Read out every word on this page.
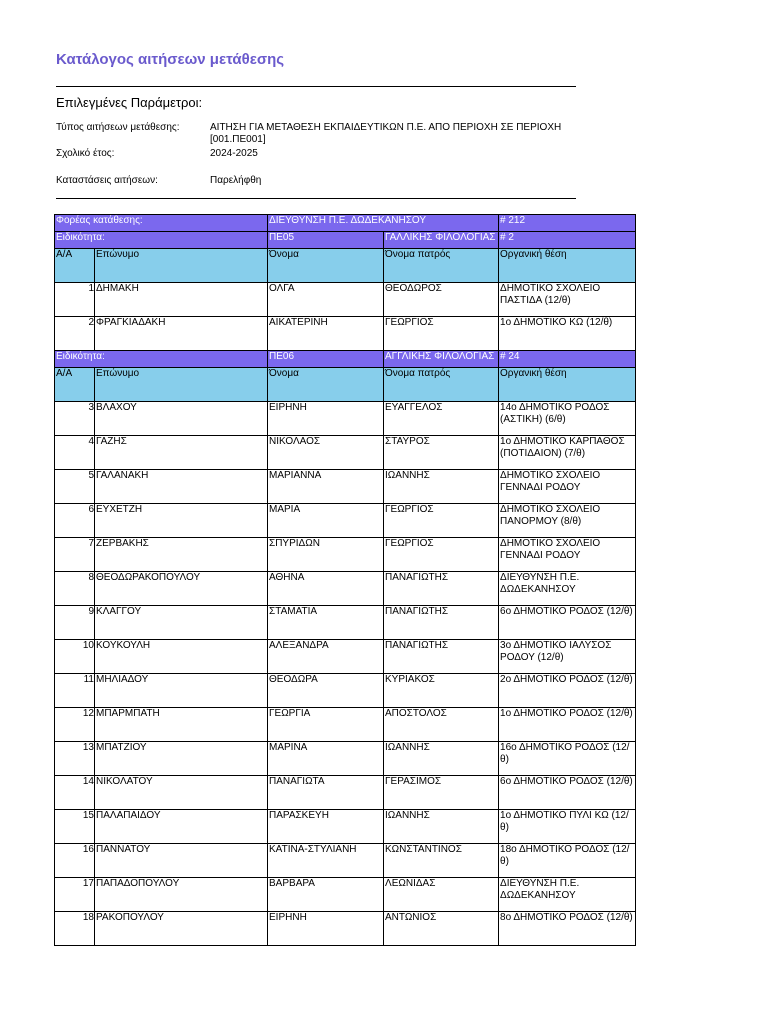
Κατάλογος αιτήσεων μετάθεσης
Επιλεγμένες Παράμετροι:
Τύπος αιτήσεων μετάθεσης:	ΑΙΤΗΣΗ ΓΙΑ ΜΕΤΑΘΕΣΗ ΕΚΠΑΙΔΕΥΤΙΚΩΝ Π.Ε. ΑΠΟ ΠΕΡΙΟΧΗ ΣΕ ΠΕΡΙΟΧΗ [001.ΠΕ001]
Σχολικό έτος:	2024-2025
Καταστάσεις αιτήσεων:	Παρελήφθη
Φορέας κατάθεσης:		ΔΙΕΥΘΥΝΣΗ Π.Ε. ΔΩΔΕΚΑΝΗΣΟΥ		# 212

Ειδικότητα:		ΠΕ05	ΓΑΛΛΙΚΗΣ ΦΙΛΟΛΟΓΙΑΣ	# 2

Α/Α	Επώνυμο	Όνομα	Όνομα πατρός	Οργανική θέση
1	ΔΗΜΑΚΗ	ΟΛΓΑ	ΘΕΟΔΩΡΟΣ	ΔΗΜΟΤΙΚΟ ΣΧΟΛΕΙΟ ΠΑΣΤΙΔΑ (12/θ)
2	ΦΡΑΓΚΙΑΔΑΚΗ	ΑΙΚΑΤΕΡΙΝΗ	ΓΕΩΡΓΙΟΣ	1ο ΔΗΜΟΤΙΚΟ ΚΩ (12/θ)

Ειδικότητα:		ΠΕ06	ΑΓΓΛΙΚΗΣ ΦΙΛΟΛΟΓΙΑΣ	# 24

Α/Α	Επώνυμο	Όνομα	Όνομα πατρός	Οργανική θέση
3	ΒΛΑΧΟΥ	ΕΙΡΗΝΗ	ΕΥΑΓΓΕΛΟΣ	14ο ΔΗΜΟΤΙΚΟ ΡΟΔΟΣ (ΑΣΤΙΚΗ) (6/θ)
4	ΓΑΖΗΣ	ΝΙΚΟΛΑΟΣ	ΣΤΑΥΡΟΣ	1ο ΔΗΜΟΤΙΚΟ ΚΑΡΠΑΘΟΣ (ΠΟΤΙΔΑΙΟΝ) (7/θ)
5	ΓΑΛΑΝΑΚΗ	ΜΑΡΙΑΝΝΑ	ΙΩΑΝΝΗΣ	ΔΗΜΟΤΙΚΟ ΣΧΟΛΕΙΟ ΓΕΝΝΑΔΙ ΡΟΔΟΥ
6	ΕΥΧΕΤΖΗ	ΜΑΡΙΑ	ΓΕΩΡΓΙΟΣ	ΔΗΜΟΤΙΚΟ ΣΧΟΛΕΙΟ ΠΑΝΟΡΜΟΥ (8/θ)
7	ΖΕΡΒΑΚΗΣ	ΣΠΥΡΙΔΩΝ	ΓΕΩΡΓΙΟΣ	ΔΗΜΟΤΙΚΟ ΣΧΟΛΕΙΟ ΓΕΝΝΑΔΙ ΡΟΔΟΥ
8	ΘΕΟΔΩΡΑΚΟΠΟΥΛΟΥ	ΑΘΗΝΑ	ΠΑΝΑΓΙΩΤΗΣ	ΔΙΕΥΘΥΝΣΗ Π.Ε. ΔΩΔΕΚΑΝΗΣΟΥ
9	ΚΛΑΓΓΟΥ	ΣΤΑΜΑΤΙΑ	ΠΑΝΑΓΙΩΤΗΣ	6ο ΔΗΜΟΤΙΚΟ ΡΟΔΟΣ (12/θ)
10	ΚΟΥΚΟΥΛΗ	ΑΛΕΞΑΝΔΡΑ	ΠΑΝΑΓΙΩΤΗΣ	3ο ΔΗΜΟΤΙΚΟ ΙΑΛΥΣΟΣ ΡΟΔΟΥ (12/θ)
11	ΜΗΛΙΑΔΟΥ	ΘΕΟΔΩΡΑ	ΚΥΡΙΑΚΟΣ	2ο ΔΗΜΟΤΙΚΟ ΡΟΔΟΣ (12/θ)
12	ΜΠΑΡΜΠΑΤΗ	ΓΕΩΡΓΙΑ	ΑΠΟΣΤΟΛΟΣ	1ο ΔΗΜΟΤΙΚΟ ΡΟΔΟΣ (12/θ)
13	ΜΠΑΤΖΙΟΥ	ΜΑΡΙΝΑ	ΙΩΑΝΝΗΣ	16ο ΔΗΜΟΤΙΚΟ ΡΟΔΟΣ (12/θ)
14	ΝΙΚΟΛΑΤΟΥ	ΠΑΝΑΓΙΩΤΑ	ΓΕΡΑΣΙΜΟΣ	6ο ΔΗΜΟΤΙΚΟ ΡΟΔΟΣ (12/θ)
15	ΠΑΛΑΠΑΙΔΟΥ	ΠΑΡΑΣΚΕΥΗ	ΙΩΑΝΝΗΣ	1ο ΔΗΜΟΤΙΚΟ ΠΥΛΙ ΚΩ (12/θ)
16	ΠΑΝΝΑΤΟΥ	ΚΑΤΙΝΑ-ΣΤΥΛΙΑΝΗ	ΚΩΝΣΤΑΝΤΙΝΟΣ	18ο ΔΗΜΟΤΙΚΟ ΡΟΔΟΣ (12/θ)
17	ΠΑΠΑΔΟΠΟΥΛΟΥ	ΒΑΡΒΑΡΑ	ΛΕΩΝΙΔΑΣ	ΔΙΕΥΘΥΝΣΗ Π.Ε. ΔΩΔΕΚΑΝΗΣΟΥ
18	ΡΑΚΟΠΟΥΛΟΥ	ΕΙΡΗΝΗ	ΑΝΤΩΝΙΟΣ	8ο ΔΗΜΟΤΙΚΟ ΡΟΔΟΣ (12/θ)
